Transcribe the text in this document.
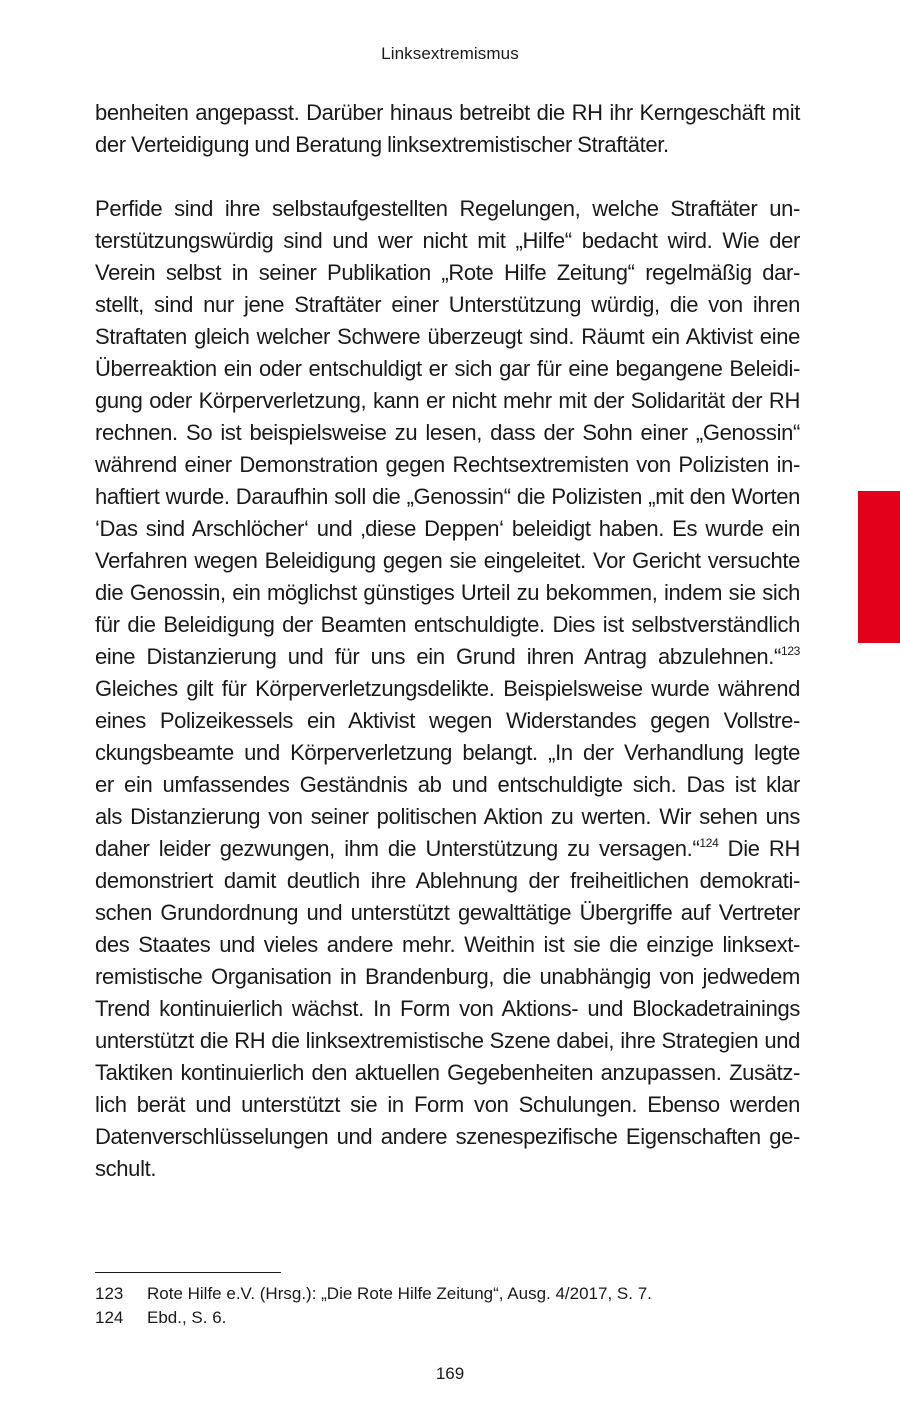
Linksextremismus
benheiten angepasst. Darüber hinaus betreibt die RH ihr Kerngeschäft mit
der Verteidigung und Beratung linksextremistischer Straftäter.
Perfide sind ihre selbstaufgestellten Regelungen, welche Straftäter un-
terstützungswürdig sind und wer nicht mit „Hilfe“ bedacht wird. Wie der
Verein selbst in seiner Publikation „Rote Hilfe Zeitung“ regelmäßig dar-
stellt, sind nur jene Straftäter einer Unterstützung würdig, die von ihren
Straftaten gleich welcher Schwere überzeugt sind. Räumt ein Aktivist eine
Überreaktion ein oder entschuldigt er sich gar für eine begangene Beleidi-
gung oder Körperverletzung, kann er nicht mehr mit der Solidarität der RH
rechnen. So ist beispielsweise zu lesen, dass der Sohn einer „Genossin“
während einer Demonstration gegen Rechtsextremisten von Polizisten in-
haftiert wurde. Daraufhin soll die „Genossin“ die Polizisten „mit den Worten
‘Das sind Arschlöcher‘ und ‚diese Deppen‘ beleidigt haben. Es wurde ein
Verfahren wegen Beleidigung gegen sie eingeleitet. Vor Gericht versuchte
die Genossin, ein möglichst günstiges Urteil zu bekommen, indem sie sich
für die Beleidigung der Beamten entschuldigte. Dies ist selbstverständlich
eine Distanzierung und für uns ein Grund ihren Antrag abzulehnen.“$^{123}$
Gleiches gilt für Körperverletzungsdelikte. Beispielsweise wurde während
eines Polizeikessels ein Aktivist wegen Widerstandes gegen Vollstre-
ckungsbeamte und Körperverletzung belangt. „In der Verhandlung legte
er ein umfassendes Geständnis ab und entschuldigte sich. Das ist klar
als Distanzierung von seiner politischen Aktion zu werten. Wir sehen uns
daher leider gezwungen, ihm die Unterstützung zu versagen.“$^{124}$ Die RH
demonstriert damit deutlich ihre Ablehnung der freiheitlichen demokrati-
schen Grundordnung und unterstützt gewalttätige Übergriffe auf Vertreter
des Staates und vieles andere mehr. Weithin ist sie die einzige linksext-
remistische Organisation in Brandenburg, die unabhängig von jedwedem
Trend kontinuierlich wächst. In Form von Aktions- und Blockadetrainings
unterstützt die RH die linksextremistische Szene dabei, ihre Strategien und
Taktiken kontinuierlich den aktuellen Gegebenheiten anzupassen. Zusätz-
lich berät und unterstützt sie in Form von Schulungen. Ebenso werden
Datenverschlüsselungen und andere szenespezifische Eigenschaften ge-
schult.
123	Rote Hilfe e.V. (Hrsg.): „Die Rote Hilfe Zeitung“, Ausg. 4/2017, S. 7.
124	Ebd., S. 6.
169
